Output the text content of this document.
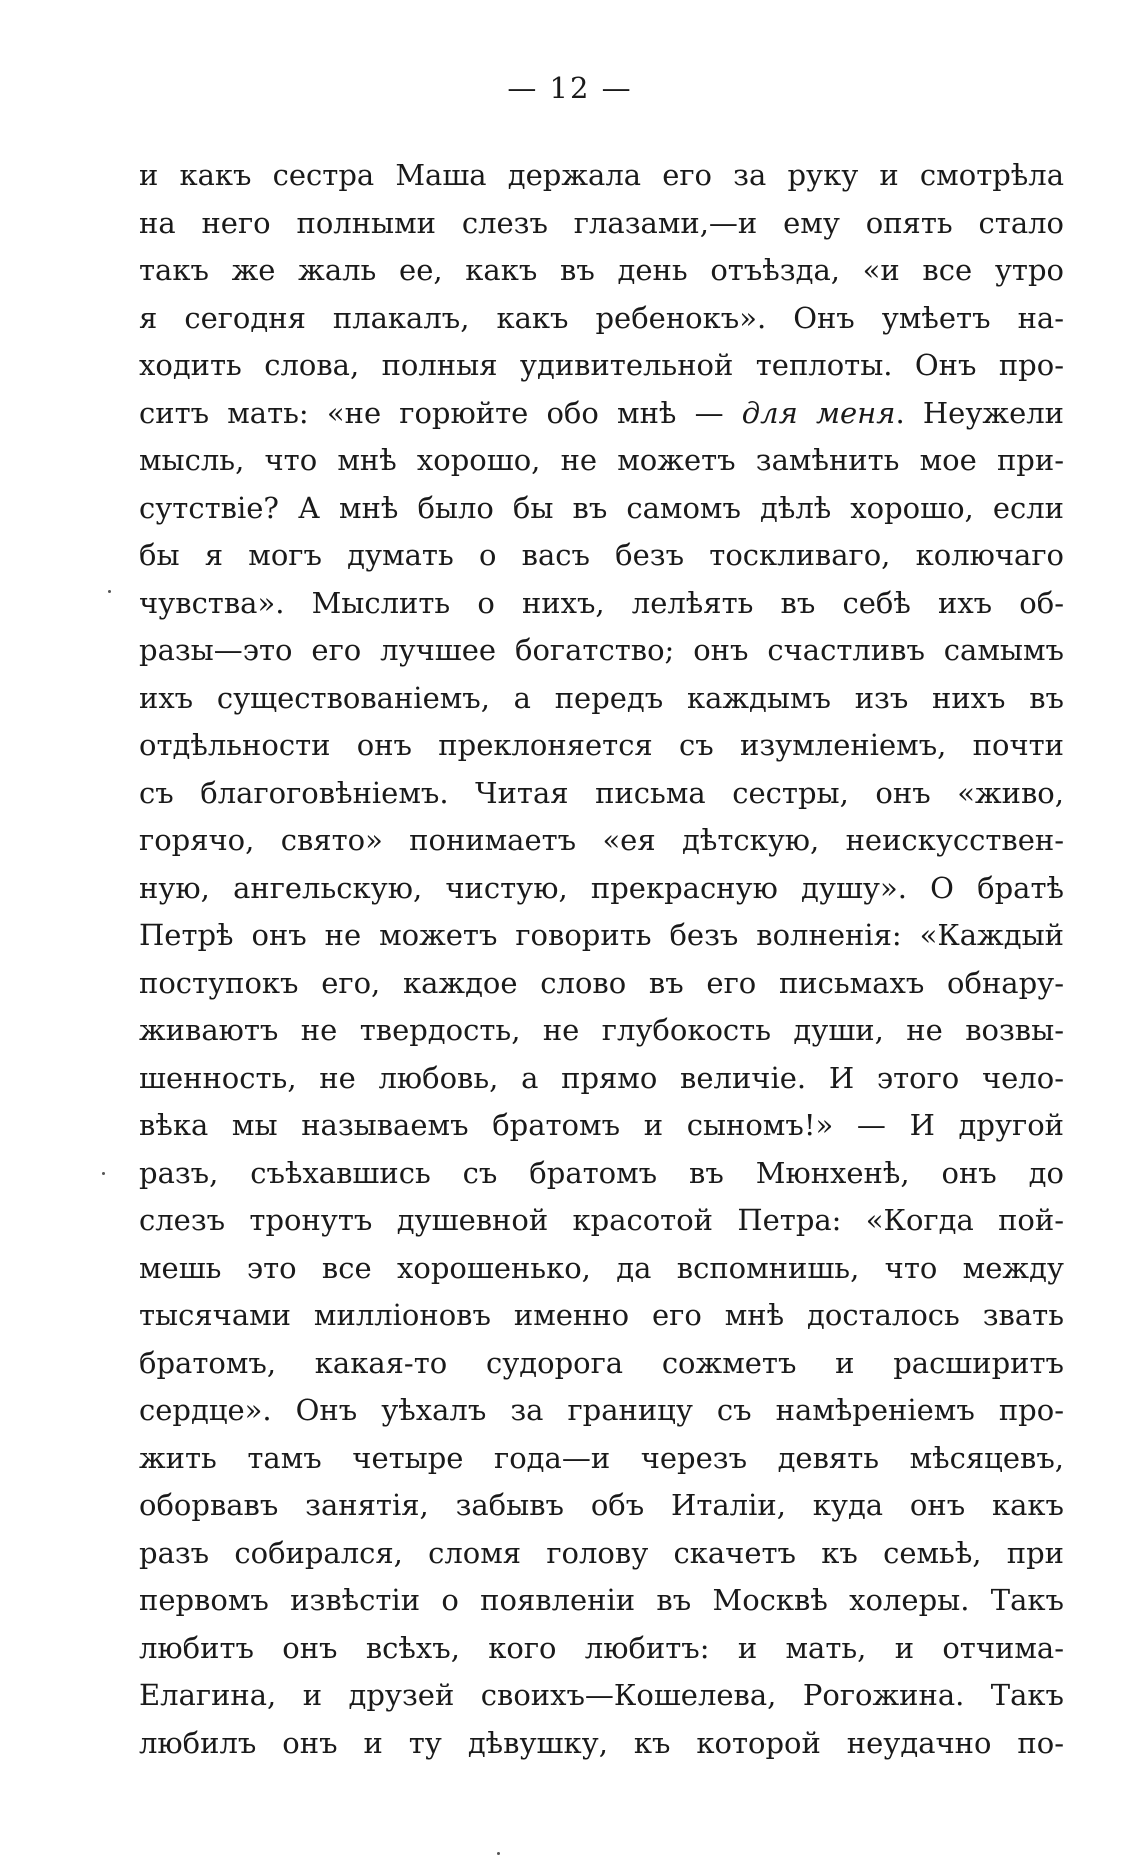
— 12 —
и какъ сестра Маша держала его за руку и смотрѣла
на него полными слезъ глазами,—и ему опять стало
такъ же жаль ее, какъ въ день отъѣзда, «и все утро
я сегодня плакалъ, какъ ребенокъ». Онъ умѣетъ на-
ходить слова, полныя удивительной теплоты. Онъ про-
ситъ мать: «не горюйте обо мнѣ — для меня. Неужели
мысль, что мнѣ хорошо, не можетъ замѣнить мое при-
сутствіе? А мнѣ было бы въ самомъ дѣлѣ хорошо, если
бы я могъ думать о васъ безъ тоскливаго, колючаго
чувства». Мыслить о нихъ, лелѣять въ себѣ ихъ об-
разы—это его лучшее богатство; онъ счастливъ самымъ
ихъ существованіемъ, а передъ каждымъ изъ нихъ въ
отдѣльности онъ преклоняется съ изумленіемъ, почти
съ благоговѣніемъ. Читая письма сестры, онъ «живо,
горячо, свято» понимаетъ «ея дѣтскую, неискусствен-
ную, ангельскую, чистую, прекрасную душу». О братѣ
Петрѣ онъ не можетъ говорить безъ волненія: «Каждый
поступокъ его, каждое слово въ его письмахъ обнару-
живаютъ не твердость, не глубокость души, не возвы-
шенность, не любовь, а прямо величіе. И этого чело-
вѣка мы называемъ братомъ и сыномъ!» — И другой
разъ, съѣхавшись съ братомъ въ Мюнхенѣ, онъ до
слезъ тронутъ душевной красотой Петра: «Когда пой-
мешь это все хорошенько, да вспомнишь, что между
тысячами милліоновъ именно его мнѣ досталось звать
братомъ, какая-то судорога сожметъ и расширитъ
сердце». Онъ уѣхалъ за границу съ намѣреніемъ про-
жить тамъ четыре года—и черезъ девять мѣсяцевъ,
оборвавъ занятія, забывъ объ Италіи, куда онъ какъ
разъ собирался, сломя голову скачетъ къ семьѣ, при
первомъ извѣстіи о появленіи въ Москвѣ холеры. Такъ
любитъ онъ всѣхъ, кого любитъ: и мать, и отчима-
Елагина, и друзей своихъ—Кошелева, Рогожина. Такъ
любилъ онъ и ту дѣвушку, къ которой неудачно по-
